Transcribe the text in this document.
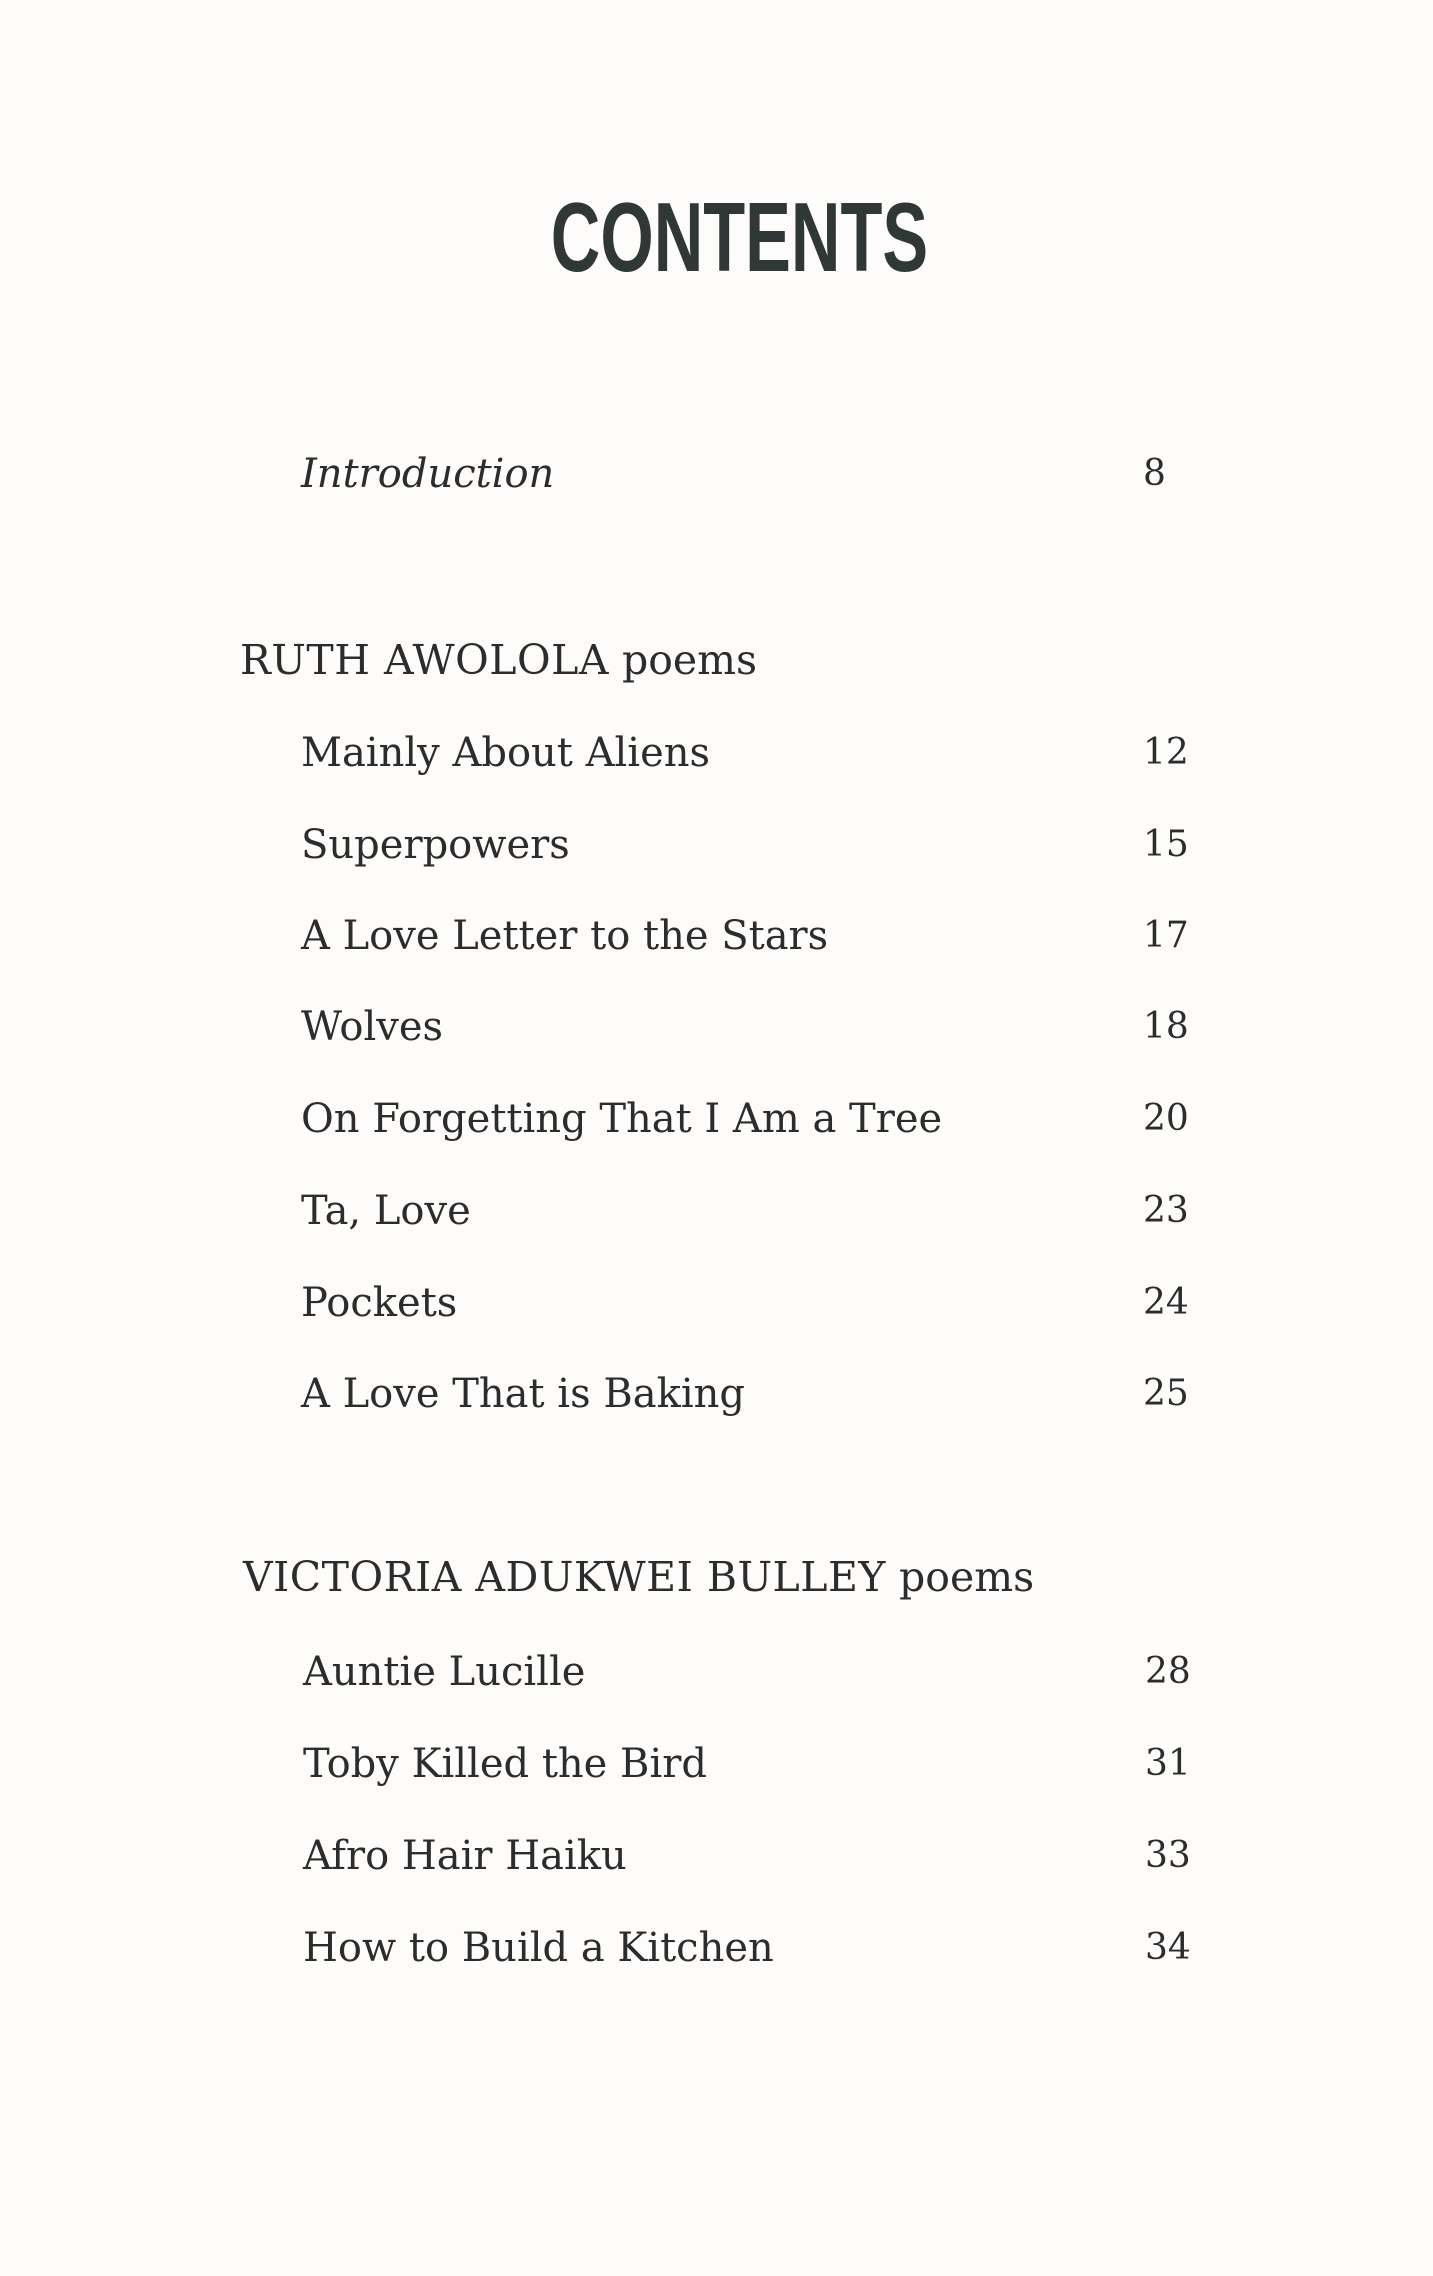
CONTENTS
Introduction	8
RUTH AWOLOLA poems
Mainly About Aliens	12
Superpowers	15
A Love Letter to the Stars	17
Wolves	18
On Forgetting That I Am a Tree	20
Ta, Love	23
Pockets	24
A Love That is Baking	25
VICTORIA ADUKWEI BULLEY poems
Auntie Lucille	28
Toby Killed the Bird	31
Afro Hair Haiku	33
How to Build a Kitchen	34
